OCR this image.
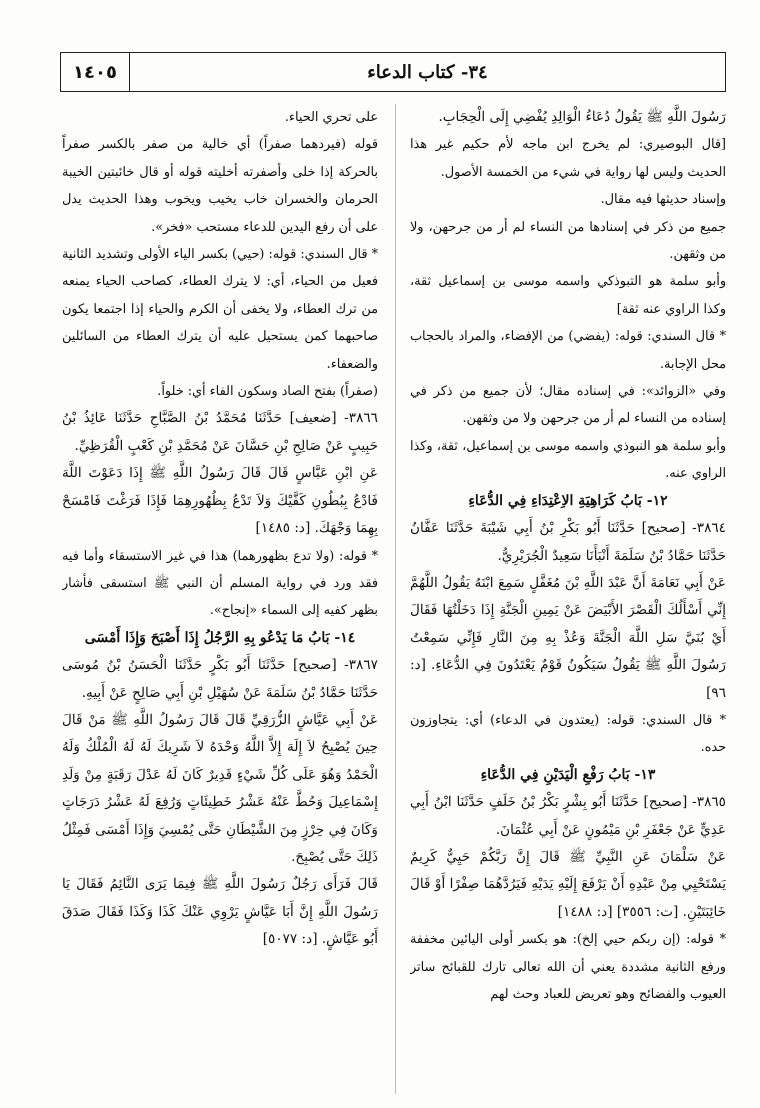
٣٤- كتاب الدعاء
١٤٠٥

رَسُولَ اللَّهِ ﷺ يَقُولُ دُعَاءُ الْوَالِدِ يُفْضِي إِلَى الْحِجَابِ.

[قال البوصيري: لم يخرج ابن ماجه لأم حكيم غير هذا الحديث وليس لها رواية في شيء من الخمسة الأصول.

وإسناد حديثها فيه مقال.

جميع من ذكر في إسنادها من النساء لم أر من جرحهن، ولا من وثقهن.

وأبو سلمة هو التبوذكي واسمه موسى بن إسماعيل ثقة، وكذا الراوي عنه ثقة]

* قال السندي: قوله: (يفضي) من الإفضاء، والمراد بالحجاب محل الإجابة.

وفي «الزوائد»: في إسناده مقال؛ لأن جميع من ذكر في إسناده من النساء لم أر من جرحهن ولا من وثقهن.

وأبو سلمة هو النبوذي واسمه موسى بن إسماعيل، ثقة، وكذا الراوي عنه.

١٢- بَابُ كَرَاهِيَةِ الاِعْتِدَاءِ فِي الدُّعَاءِ

٣٨٦٤- [صحيح] حَدَّثَنَا أَبُو بَكْرِ بْنُ أَبِي شَيْبَةَ حَدَّثَنَا عَفَّانُ حَدَّثَنَا حَمَّادُ بْنُ سَلَمَةَ أَنْبَأَنَا سَعِيدٌ الْجُرَيْرِيُّ.

عَنْ أَبِي نَعَامَةَ أَنَّ عَبْدَ اللَّهِ بْنَ مُغَفَّلٍ سَمِعَ ابْنَهُ يَقُولُ اللَّهُمَّ إِنِّي أَسْأَلُكَ الْقَصْرَ الأَبْيَضَ عَنْ يَمِينِ الْجَنَّةِ إِذَا دَخَلْتُهَا فَقَالَ أَيْ بُنَيَّ سَلِ اللَّهَ الْجَنَّةَ وَعُذْ بِهِ مِنَ النَّارِ فَإِنِّي سَمِعْتُ رَسُولَ اللَّهِ ﷺ يَقُولُ سَيَكُونُ قَوْمٌ يَعْتَدُونَ فِي الدُّعَاءِ. [د: ٩٦]

* قال السندي: قوله: (يعتدون في الدعاء) أي: يتجاوزون حده.

١٣- بَابُ رَفْعِ الْيَدَيْنِ فِي الدُّعَاءِ

٣٨٦٥- [صحيح] حَدَّثَنَا أَبُو بِشْرٍ بَكْرُ بْنُ خَلَفٍ حَدَّثَنَا ابْنُ أَبِي عَدِيٍّ عَنْ جَعْفَرِ بْنِ مَيْمُونٍ عَنْ أَبِي عُثْمَانَ.

عَنْ سَلْمَانَ عَنِ النَّبِيِّ ﷺ قَالَ إِنَّ رَبَّكُمْ حَيِيٌّ كَرِيمٌ يَسْتَحْيِي مِنْ عَبْدِهِ أَنْ يَرْفَعَ إِلَيْهِ يَدَيْهِ فَيَرُدَّهُمَا صِفْرًا أَوْ قَالَ خَائِبَتَيْنِ. [ت: ٣٥٥٦] [د: ١٤٨٨]

* قوله: (إن ربكم حيي إلخ): هو بكسر أولى اليائين مخففة ورفع الثانية مشددة يعني أن الله تعالى تارك للقبائح ساتر العيوب والفضائح وهو تعريض للعباد وحث لهم

على تحري الحياء.

قوله (فيردهما صفراً) أي خالية من صفر بالكسر صفراً بالحركة إذا خلى وأصفرته أخليته قوله أو قال خائبتين الخيبة الحرمان والخسران خاب يخيب ويخوب وهذا الحديث يدل على أن رفع اليدين للدعاء مستحب «فخر».

* قال السندي: قوله: (حيي) بكسر الياء الأولى وتشديد الثانية فعيل من الحياء، أي: لا يترك العطاء، كصاحب الحياء يمنعه من ترك العطاء، ولا يخفى أن الكرم والحياء إذا اجتمعا يكون صاحبهما كمن يستحيل عليه أن يترك العطاء من السائلين والضعفاء.

(صفراً) بفتح الصاد وسكون الفاء أي: خلواً.

٣٨٦٦- [ضعيف] حَدَّثَنَا مُحَمَّدُ بْنُ الصَّبَّاحِ حَدَّثَنَا عَائِذُ بْنُ حَبِيبٍ عَنْ صَالِحِ بْنِ حَسَّانَ عَنْ مُحَمَّدِ بْنِ كَعْبٍ الْقُرَظِيِّ.

عَنِ ابْنِ عَبَّاسٍ قَالَ قَالَ رَسُولُ اللَّهِ ﷺ إِذَا دَعَوْتَ اللَّهَ فَادْعُ بِبُطُونِ كَفَّيْكَ وَلاَ تَدْعُ بِظُهُورِهِمَا فَإِذَا فَرَغْتَ فَامْسَحْ بِهِمَا وَجْهَكَ. [د: ١٤٨٥]

* قوله: (ولا تدع بظهورهما) هذا في غير الاستسقاء وأما فيه فقد ورد في رواية المسلم أن النبي ﷺ استسقى فأشار بظهر كفيه إلى السماء «إنجاح».

١٤- بَابُ مَا يَدْعُو بِهِ الرَّجُلُ إِذَا أَصْبَحَ وَإِذَا أَمْسَى

٣٨٦٧- [صحيح] حَدَّثَنَا أَبُو بَكْرٍ حَدَّثَنَا الْحَسَنُ بْنُ مُوسَى حَدَّثَنَا حَمَّادُ بْنُ سَلَمَةَ عَنْ سُهَيْلِ بْنِ أَبِي صَالِحٍ عَنْ أَبِيهِ.

عَنْ أَبِي عَيَّاشٍ الزُّرَقِيِّ قَالَ قَالَ رَسُولُ اللَّهِ ﷺ مَنْ قَالَ حِينَ يُصْبِحُ لاَ إِلَهَ إِلاَّ اللَّهُ وَحْدَهُ لاَ شَرِيكَ لَهُ لَهُ الْمُلْكُ وَلَهُ الْحَمْدُ وَهُوَ عَلَى كُلِّ شَيْءٍ قَدِيرٌ كَانَ لَهُ عَدْلَ رَقَبَةٍ مِنْ وَلَدِ إِسْمَاعِيلَ وَحُطَّ عَنْهُ عَشْرُ خَطِيئَاتٍ وَرُفِعَ لَهُ عَشْرُ دَرَجَاتٍ وَكَانَ فِي حِرْزٍ مِنَ الشَّيْطَانِ حَتَّى يُمْسِيَ وَإِذَا أَمْسَى فَمِثْلُ ذَلِكَ حَتَّى يُصْبِحَ.

قَالَ فَرَأَى رَجُلٌ رَسُولَ اللَّهِ ﷺ فِيمَا يَرَى النَّائِمُ فَقَالَ يَا رَسُولَ اللَّهِ إِنَّ أَبَا عَيَّاشٍ يَرْوِي عَنْكَ كَذَا وَكَذَا فَقَالَ صَدَقَ أَبُو عَيَّاشٍ. [د: ٥٠٧٧]
